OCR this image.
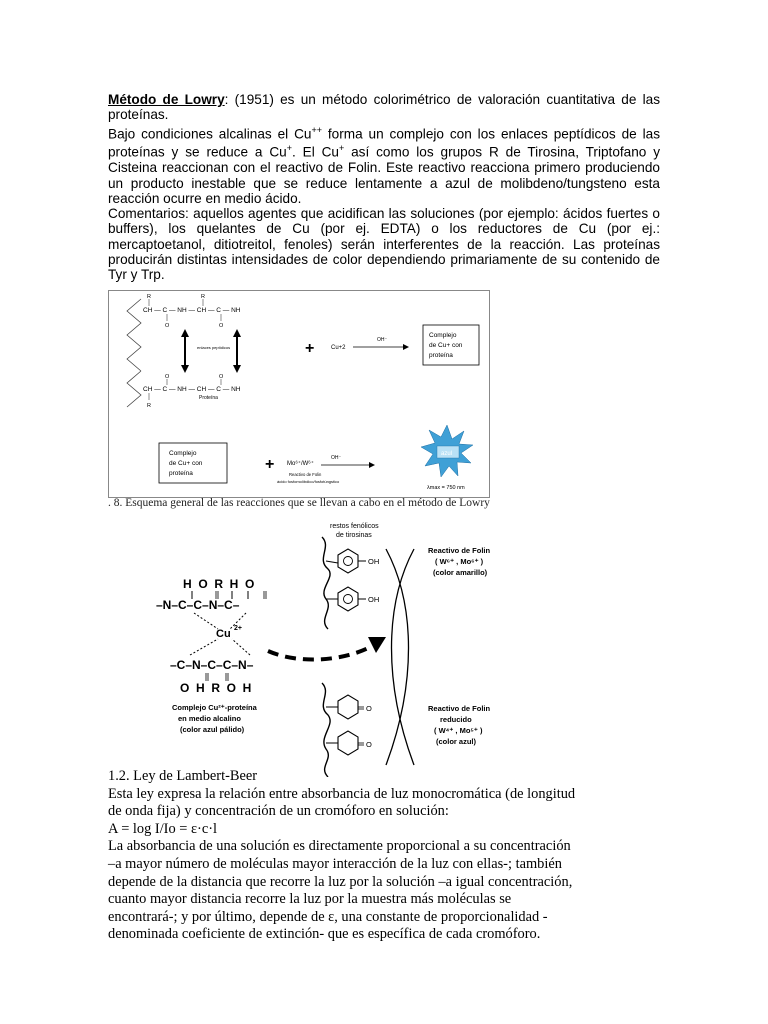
Método de Lowry: (1951) es un método colorimétrico de valoración cuantitativa de las proteínas.

Bajo condiciones alcalinas el Cu++ forma un complejo con los enlaces peptídicos de las proteínas y se reduce a Cu+. El Cu+ así como los grupos R de Tirosina, Triptofano y Cisteina reaccionan con el reactivo de Folin. Este reactivo reacciona primero produciendo un producto inestable que se reduce lentamente a azul de molibdeno/tungsteno esta reacción ocurre en medio ácido.

Comentarios: aquellos agentes que acidifican las soluciones (por ejemplo: ácidos fuertes o buffers), los quelantes de Cu (por ej. EDTA) o los reductores de Cu (por ej.: mercaptoetanol, ditiotreitol, fenoles) serán interferentes de la reacción. Las proteínas producirán distintas intensidades de color dependiendo primariamente de su contenido de Tyr y Trp.

R	R
CH — C — NH — CH — C — NH
O	O
enlaces peptídicos
O	O
CH — C — NH — CH — C — NH
R
Proteína
+	Cu+2
OH⁻
Complejo
de Cu+ con
proteína
Complejo
de Cu+ con
proteína
+ Mo⁶⁺/W⁶⁺
OH⁻
Reactivo de Folin
ácido fosfomolíbdico/fosfotúngstico
azul
λmax = 750 nm
. 8. Esquema general de las reacciones que se llevan a cabo en el método de Lowry
restos fenólicos
de tirosinas
OH
OH
Reactivo de Folin
( W⁶⁺ , Mo⁶⁺ )
(color amarillo)
Reactivo de Folin
reducido
( W⁴⁺ , Mo⁵⁺ )
(color azul)
H  O  R  H  O
–N–C–C–N–C–
Cu 2+
–C–N–C–C–N–
O  H  R  O  H
Complejo Cu²⁺-proteína
en medio alcalino
(color azul pálido)
O
O

1.2. Ley de Lambert-Beer

Esta ley expresa la relación entre absorbancia de luz monocromática (de longitud de onda fija) y concentración de un cromóforo en solución:

A = log I/Io = ε·c·l

La absorbancia de una solución es directamente proporcional a su concentración –a mayor número de moléculas mayor interacción de la luz con ellas-; también depende de la distancia que recorre la luz por la solución –a igual concentración, cuanto mayor distancia recorre la luz por la muestra más moléculas se encontrará-; y por último, depende de ε, una constante de proporcionalidad -denominada coeficiente de extinción- que es específica de cada cromóforo.
